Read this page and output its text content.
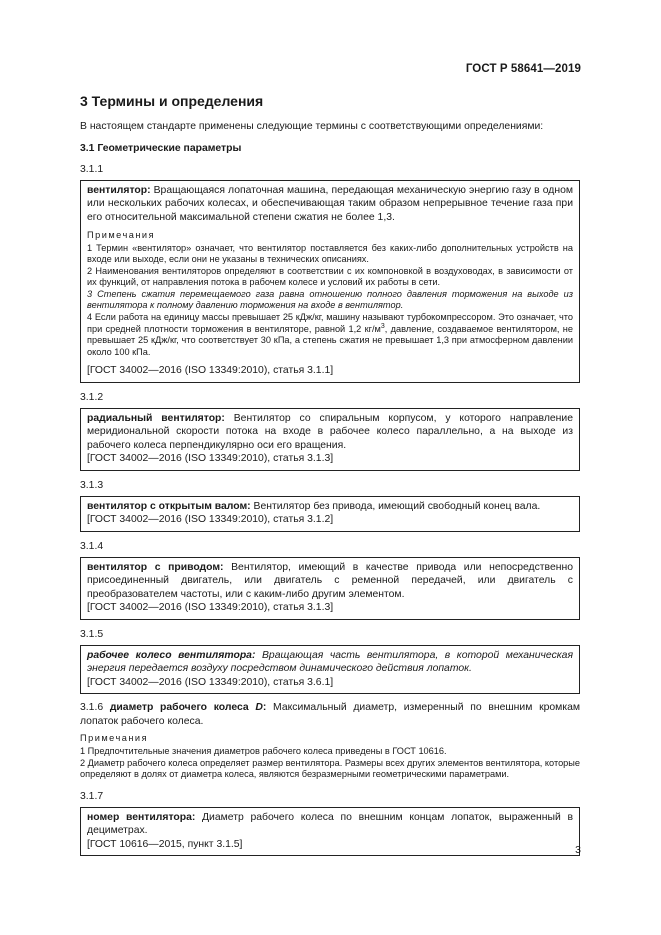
ГОСТ Р 58641—2019
3 Термины и определения

В настоящем стандарте применены следующие термины с соответствующими определениями:

3.1 Геометрические параметры
3.1.1

вентилятор: Вращающаяся лопаточная машина, передающая механическую энергию газу в одном или нескольких рабочих колесах, и обеспечивающая таким образом непрерывное течение газа при его относительной максимальной степени сжатия не более 1,3.

Примечания

1 Термин «вентилятор» означает, что вентилятор поставляется без каких-либо дополнительных устройств на входе или выходе, если они не указаны в технических описаниях.

2 Наименования вентиляторов определяют в соответствии с их компоновкой в воздуховодах, в зависимости от их функций, от направления потока в рабочем колесе и условий их работы в сети.

3 Степень сжатия перемещаемого газа равна отношению полного давления торможения на выходе из вентилятора к полному давлению торможения на входе в вентилятор.

4 Если работа на единицу массы превышает 25 кДж/кг, машину называют турбокомпрессором. Это означает, что при средней плотности торможения в вентиляторе, равной 1,2 $кг/м^3$, давление, создаваемое вентилятором, не превышает 25 кДж/кг, что соответствует 30 кПа, а степень сжатия не превышает 1,3 при атмосферном давлении около 100 кПа.

[ГОСТ 34002—2016 (ISO 13349:2010), статья 3.1.1]

3.1.2

радиальный вентилятор: Вентилятор со спиральным корпусом, у которого направление меридиональной скорости потока на входе в рабочее колесо параллельно, а на выходе из рабочего колеса перпендикулярно оси его вращения.

[ГОСТ 34002—2016 (ISO 13349:2010), статья 3.1.3]

3.1.3

вентилятор с открытым валом: Вентилятор без привода, имеющий свободный конец вала.

[ГОСТ 34002—2016 (ISO 13349:2010), статья 3.1.2]

3.1.4

вентилятор с приводом: Вентилятор, имеющий в качестве привода или непосредственно присоединенный двигатель, или двигатель с ременной передачей, или двигатель с преобразователем частоты, или с каким-либо другим элементом.

[ГОСТ 34002—2016 (ISO 13349:2010), статья 3.1.3]

3.1.5

рабочее колесо вентилятора: Вращающая часть вентилятора, в которой механическая энергия передается воздуху посредством динамического действия лопаток.

[ГОСТ 34002—2016 (ISO 13349:2010), статья 3.6.1]

3.1.6 диаметр рабочего колеса D: Максимальный диаметр, измеренный по внешним кромкам лопаток рабочего колеса.

Примечания

1 Предпочтительные значения диаметров рабочего колеса приведены в ГОСТ 10616.

2 Диаметр рабочего колеса определяет размер вентилятора. Размеры всех других элементов вентилятора, которые определяют в долях от диаметра колеса, являются безразмерными геометрическими параметрами.

3.1.7

номер вентилятора: Диаметр рабочего колеса по внешним концам лопаток, выраженный в дециметрах.

[ГОСТ 10616—2015, пункт 3.1.5]	3
